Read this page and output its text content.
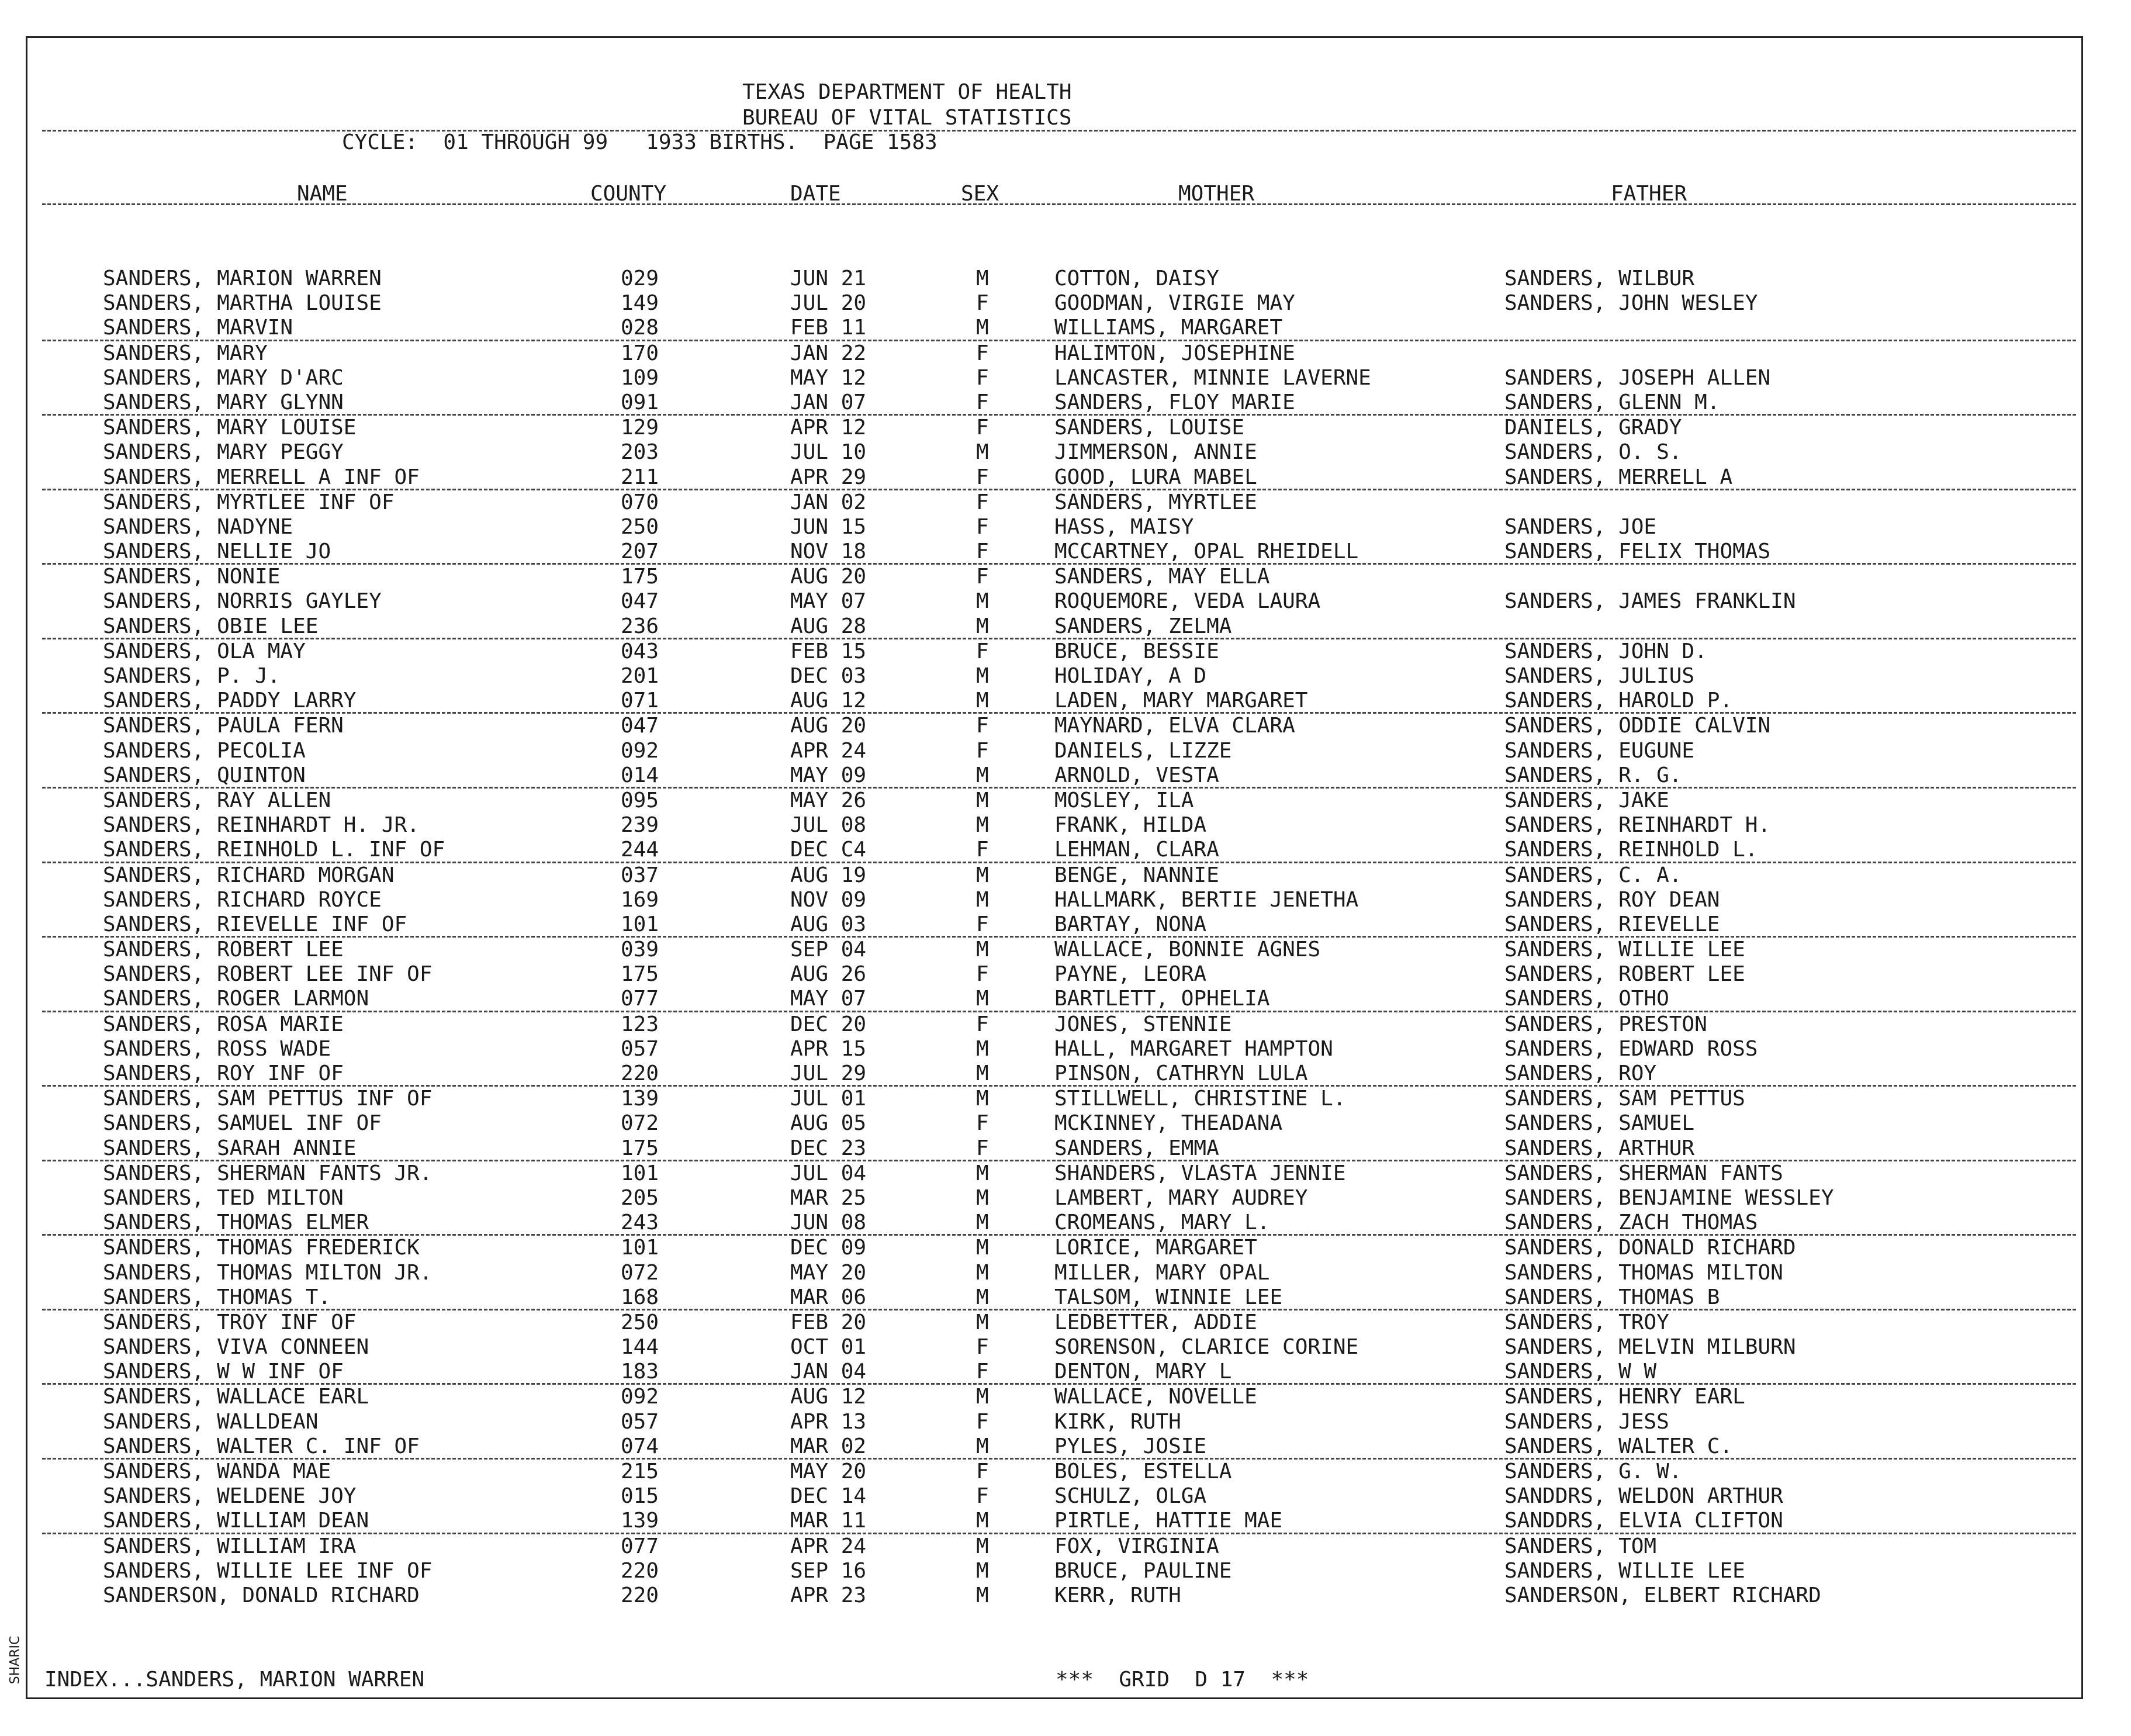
TEXAS DEPARTMENT OF HEALTH
BUREAU OF VITAL STATISTICS
CYCLE:  01 THROUGH 99   1933 BIRTHS.  PAGE 1583
NAME	COUNTY	DATE	SEX	MOTHER	FATHER
SANDERS, MARION WARREN	029	JUN 21	M	COTTON, DAISY	SANDERS, WILBUR
SANDERS, MARTHA LOUISE	149	JUL 20	F	GOODMAN, VIRGIE MAY	SANDERS, JOHN WESLEY
SANDERS, MARVIN	028	FEB 11	M	WILLIAMS, MARGARET
SANDERS, MARY	170	JAN 22	F	HALIMTON, JOSEPHINE
SANDERS, MARY D'ARC	109	MAY 12	F	LANCASTER, MINNIE LAVERNE	SANDERS, JOSEPH ALLEN
SANDERS, MARY GLYNN	091	JAN 07	F	SANDERS, FLOY MARIE	SANDERS, GLENN M.
SANDERS, MARY LOUISE	129	APR 12	F	SANDERS, LOUISE	DANIELS, GRADY
SANDERS, MARY PEGGY	203	JUL 10	M	JIMMERSON, ANNIE	SANDERS, O. S.
SANDERS, MERRELL A INF OF	211	APR 29	F	GOOD, LURA MABEL	SANDERS, MERRELL A
SANDERS, MYRTLEE INF OF	070	JAN 02	F	SANDERS, MYRTLEE
SANDERS, NADYNE	250	JUN 15	F	HASS, MAISY	SANDERS, JOE
SANDERS, NELLIE JO	207	NOV 18	F	MCCARTNEY, OPAL RHEIDELL	SANDERS, FELIX THOMAS
SANDERS, NONIE	175	AUG 20	F	SANDERS, MAY ELLA
SANDERS, NORRIS GAYLEY	047	MAY 07	M	ROQUEMORE, VEDA LAURA	SANDERS, JAMES FRANKLIN
SANDERS, OBIE LEE	236	AUG 28	M	SANDERS, ZELMA
SANDERS, OLA MAY	043	FEB 15	F	BRUCE, BESSIE	SANDERS, JOHN D.
SANDERS, P. J.	201	DEC 03	M	HOLIDAY, A D	SANDERS, JULIUS
SANDERS, PADDY LARRY	071	AUG 12	M	LADEN, MARY MARGARET	SANDERS, HAROLD P.
SANDERS, PAULA FERN	047	AUG 20	F	MAYNARD, ELVA CLARA	SANDERS, ODDIE CALVIN
SANDERS, PECOLIA	092	APR 24	F	DANIELS, LIZZE	SANDERS, EUGUNE
SANDERS, QUINTON	014	MAY 09	M	ARNOLD, VESTA	SANDERS, R. G.
SANDERS, RAY ALLEN	095	MAY 26	M	MOSLEY, ILA	SANDERS, JAKE
SANDERS, REINHARDT H. JR.	239	JUL 08	M	FRANK, HILDA	SANDERS, REINHARDT H.
SANDERS, REINHOLD L. INF OF	244	DEC C4	F	LEHMAN, CLARA	SANDERS, REINHOLD L.
SANDERS, RICHARD MORGAN	037	AUG 19	M	BENGE, NANNIE	SANDERS, C. A.
SANDERS, RICHARD ROYCE	169	NOV 09	M	HALLMARK, BERTIE JENETHA	SANDERS, ROY DEAN
SANDERS, RIEVELLE INF OF	101	AUG 03	F	BARTAY, NONA	SANDERS, RIEVELLE
SANDERS, ROBERT LEE	039	SEP 04	M	WALLACE, BONNIE AGNES	SANDERS, WILLIE LEE
SANDERS, ROBERT LEE INF OF	175	AUG 26	F	PAYNE, LEORA	SANDERS, ROBERT LEE
SANDERS, ROGER LARMON	077	MAY 07	M	BARTLETT, OPHELIA	SANDERS, OTHO
SANDERS, ROSA MARIE	123	DEC 20	F	JONES, STENNIE	SANDERS, PRESTON
SANDERS, ROSS WADE	057	APR 15	M	HALL, MARGARET HAMPTON	SANDERS, EDWARD ROSS
SANDERS, ROY INF OF	220	JUL 29	M	PINSON, CATHRYN LULA	SANDERS, ROY
SANDERS, SAM PETTUS INF OF	139	JUL 01	M	STILLWELL, CHRISTINE L.	SANDERS, SAM PETTUS
SANDERS, SAMUEL INF OF	072	AUG 05	F	MCKINNEY, THEADANA	SANDERS, SAMUEL
SANDERS, SARAH ANNIE	175	DEC 23	F	SANDERS, EMMA	SANDERS, ARTHUR
SANDERS, SHERMAN FANTS JR.	101	JUL 04	M	SHANDERS, VLASTA JENNIE	SANDERS, SHERMAN FANTS
SANDERS, TED MILTON	205	MAR 25	M	LAMBERT, MARY AUDREY	SANDERS, BENJAMINE WESSLEY
SANDERS, THOMAS ELMER	243	JUN 08	M	CROMEANS, MARY L.	SANDERS, ZACH THOMAS
SANDERS, THOMAS FREDERICK	101	DEC 09	M	LORICE, MARGARET	SANDERS, DONALD RICHARD
SANDERS, THOMAS MILTON JR.	072	MAY 20	M	MILLER, MARY OPAL	SANDERS, THOMAS MILTON
SANDERS, THOMAS T.	168	MAR 06	M	TALSOM, WINNIE LEE	SANDERS, THOMAS B
SANDERS, TROY INF OF	250	FEB 20	M	LEDBETTER, ADDIE	SANDERS, TROY
SANDERS, VIVA CONNEEN	144	OCT 01	F	SORENSON, CLARICE CORINE	SANDERS, MELVIN MILBURN
SANDERS, W W INF OF	183	JAN 04	F	DENTON, MARY L	SANDERS, W W
SANDERS, WALLACE EARL	092	AUG 12	M	WALLACE, NOVELLE	SANDERS, HENRY EARL
SANDERS, WALLDEAN	057	APR 13	F	KIRK, RUTH	SANDERS, JESS
SANDERS, WALTER C. INF OF	074	MAR 02	M	PYLES, JOSIE	SANDERS, WALTER C.
SANDERS, WANDA MAE	215	MAY 20	F	BOLES, ESTELLA	SANDERS, G. W.
SANDERS, WELDENE JOY	015	DEC 14	F	SCHULZ, OLGA	SANDDRS, WELDON ARTHUR
SANDERS, WILLIAM DEAN	139	MAR 11	M	PIRTLE, HATTIE MAE	SANDDRS, ELVIA CLIFTON
SANDERS, WILLIAM IRA	077	APR 24	M	FOX, VIRGINIA	SANDERS, TOM
SANDERS, WILLIE LEE INF OF	220	SEP 16	M	BRUCE, PAULINE	SANDERS, WILLIE LEE
SANDERSON, DONALD RICHARD	220	APR 23	M	KERR, RUTH	SANDERSON, ELBERT RICHARD
INDEX...SANDERS, MARION WARREN	***  GRID  D 17  ***
SHARIC
